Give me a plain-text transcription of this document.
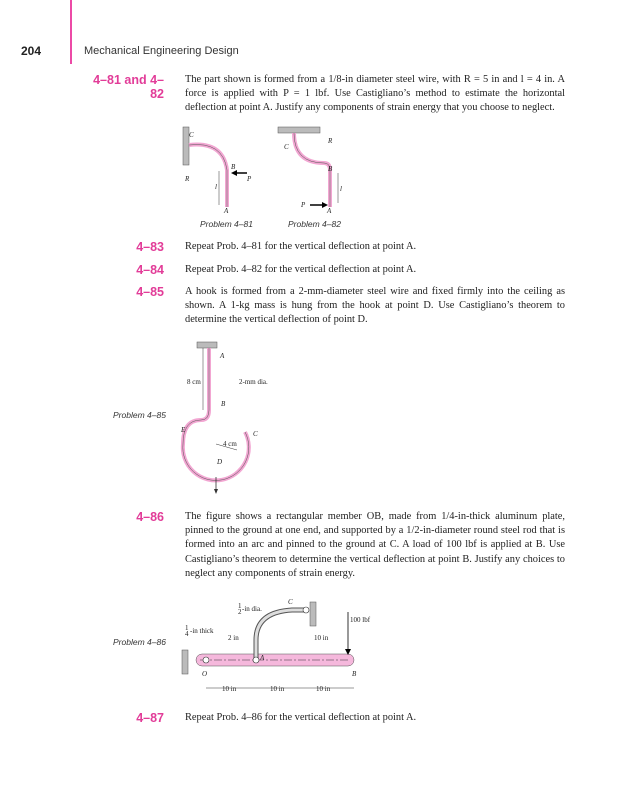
204	Mechanical Engineering Design
4–81 and 4–82
The part shown is formed from a 1/8-in diameter steel wire, with R = 5 in and l = 4 in. A force is applied with P = 1 lbf. Use Castigliano’s method to estimate the horizontal deflection at point A. Justify any components of strain energy that you choose to neglect.
C
B
R	P
l
A
Problem 4–81
C
R
B
l
P
A
Problem 4–82
4–83 Repeat Prob. 4–81 for the vertical deflection at point A.
4–84 Repeat Prob. 4–82 for the vertical deflection at point A.
4–85 A hook is formed from a 2-mm-diameter steel wire and fixed firmly into the ceiling as shown. A 1-kg mass is hung from the hook at point D. Use Castigliano’s theorem to determine the vertical deflection of point D.
A
8 cm	2-mm dia.
B
E	C
4 cm
D
Problem 4–85
4–86 The figure shows a rectangular member OB, made from 1/4-in-thick aluminum plate, pinned to the ground at one end, and supported by a 1/2-in-diameter round steel rod that is formed into an arc and pinned to the ground at C. A load of 100 lbf is applied at B. Use Castigliano’s theorem to determine the vertical deflection at point B. Justify any choices to neglect any components of strain energy.
1
2 -in dia.
C
100 lbf
1
4 -in thick
2 in	10 in
A
O	B
10 in	10 in	10 in
Problem 4–86
4–87 Repeat Prob. 4–86 for the vertical deflection at point A.
